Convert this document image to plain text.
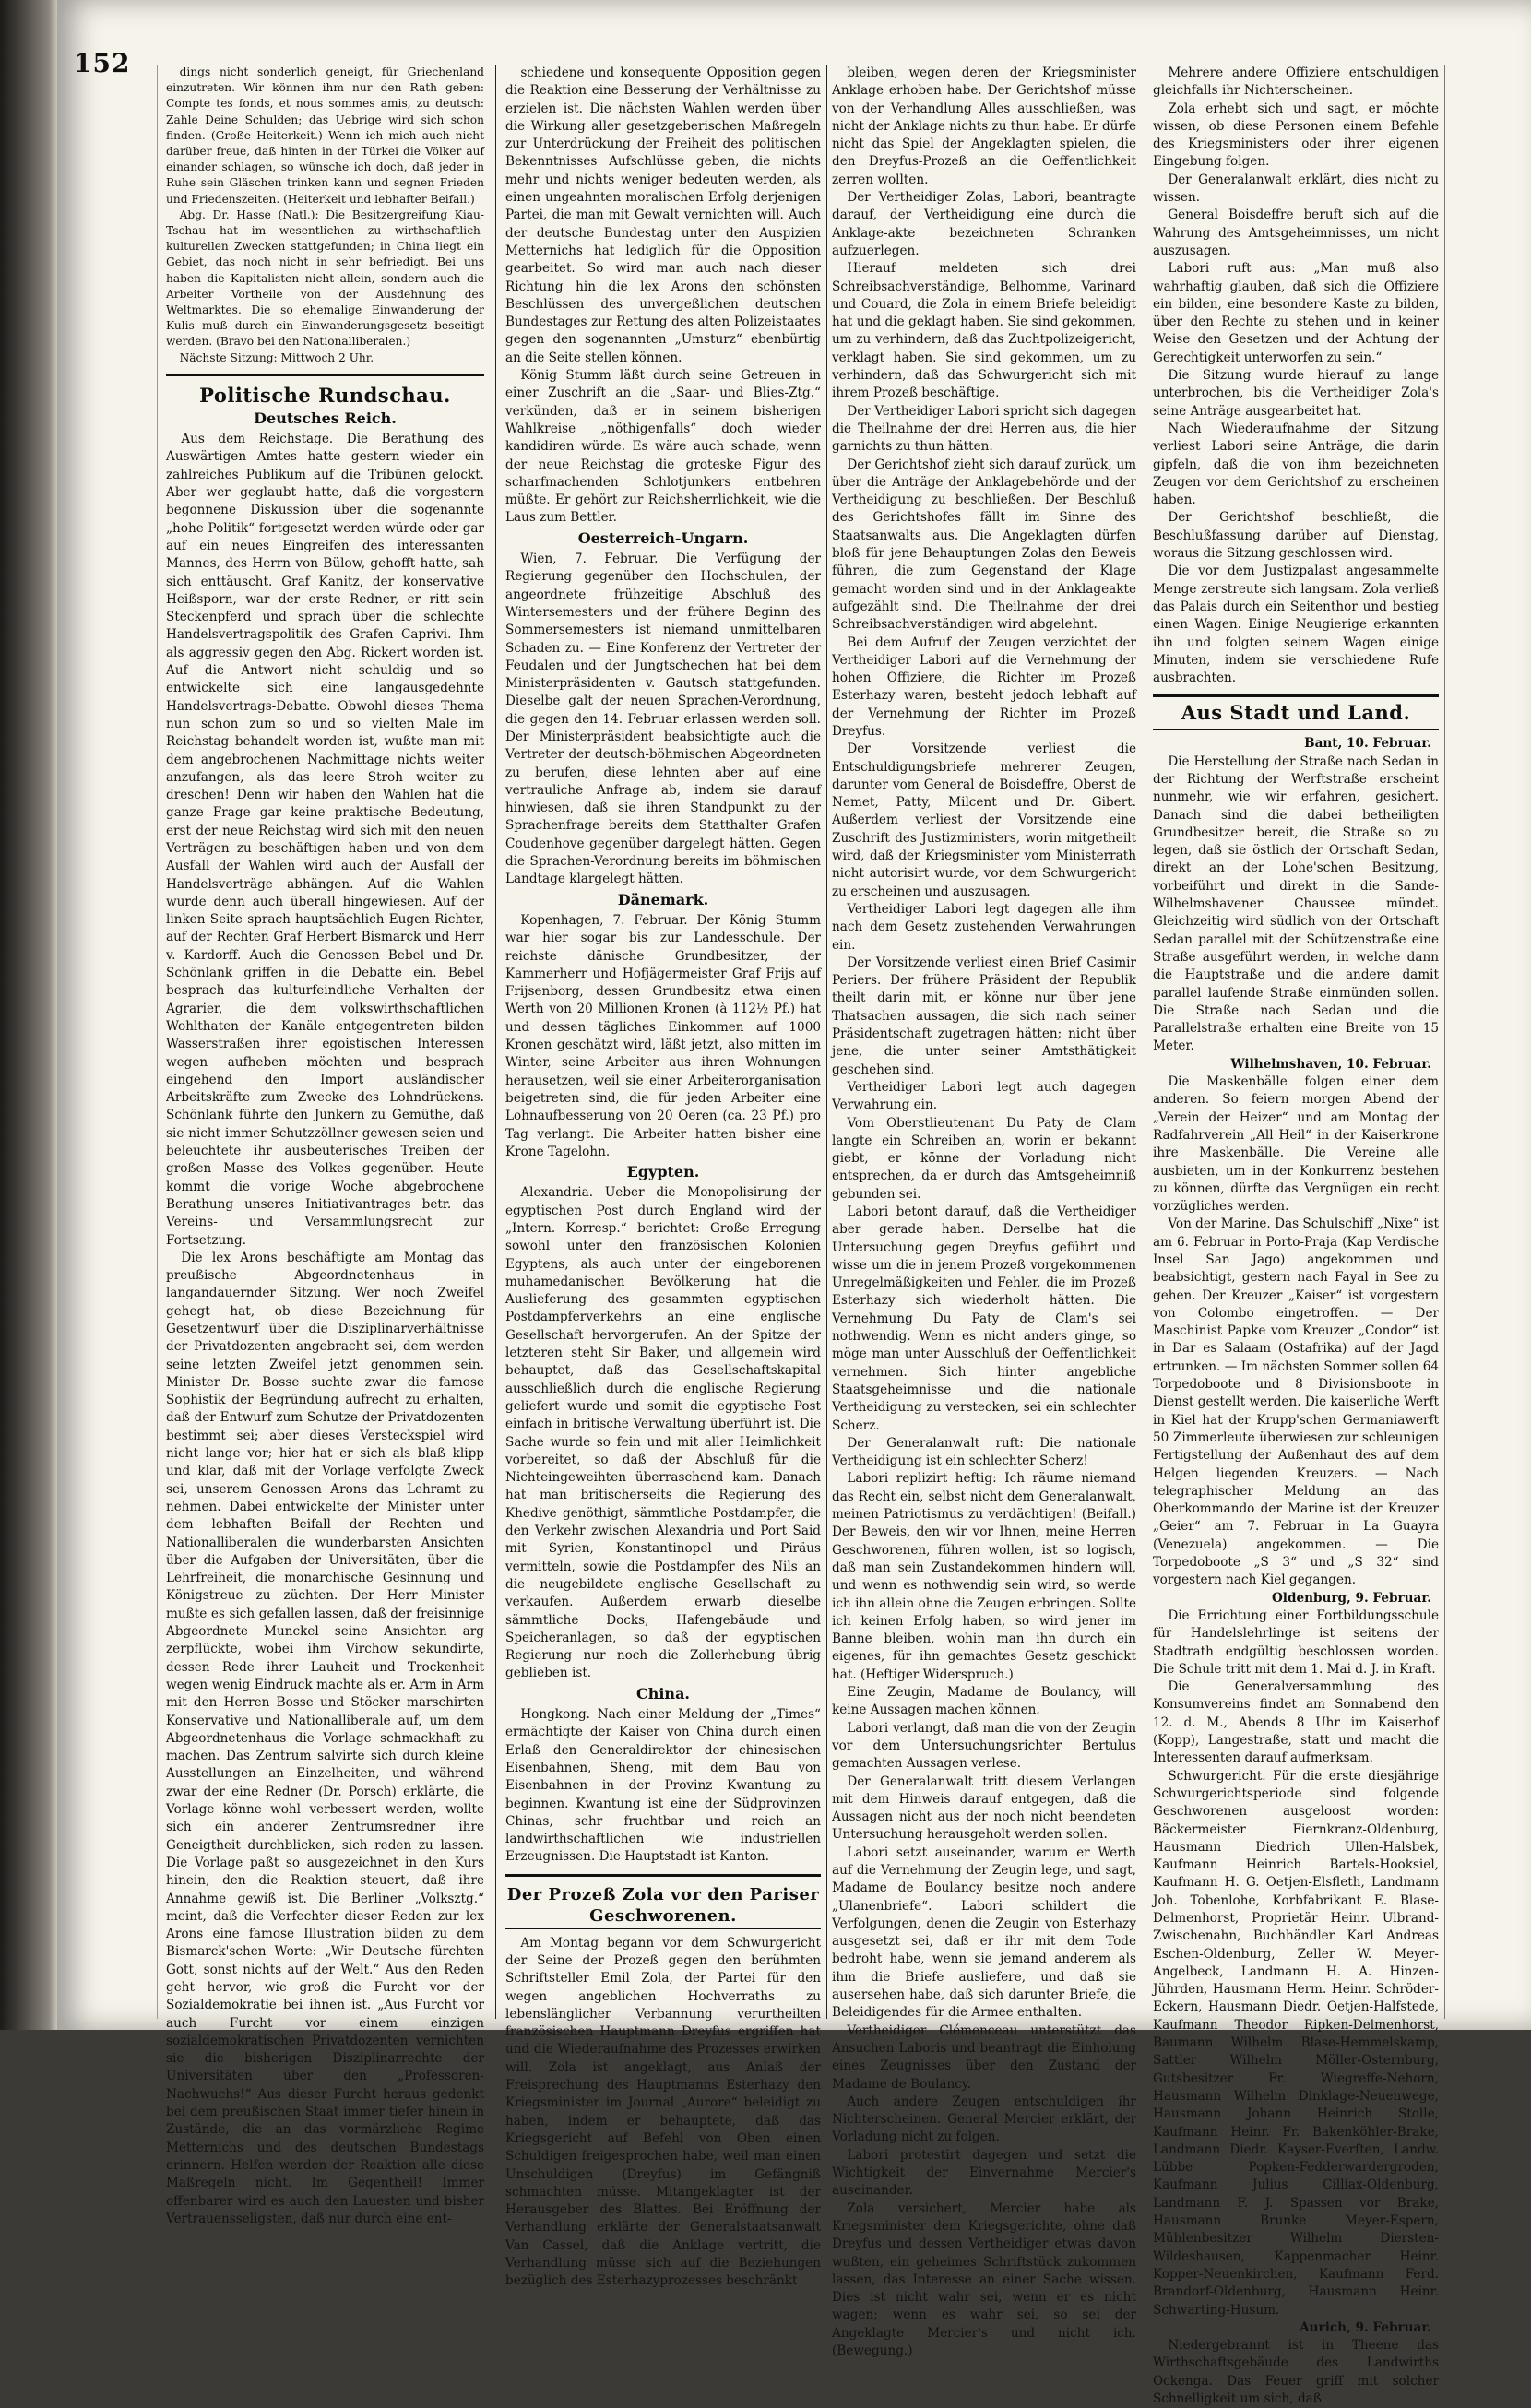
152	dings nicht sonderlich geneigt, für Griechenland einzutreten. Wir können ihm nur den Rath geben: Compte tes fonds, et nous sommes amis, zu deutsch: Zahle Deine Schulden; das Uebrige wird sich schon finden. (Große Heiterkeit.) Wenn ich mich auch nicht darüber freue, daß hinten in der Türkei die Völker auf einander schlagen, so wünsche ich doch, daß jeder in Ruhe sein Gläschen trinken kann und segnen Frieden und Friedenszeiten. (Heiterkeit und lebhafter Beifall.)

Abg. Dr. Hasse (Natl.): Die Besitzergreifung Kiau-Tschau hat im wesentlichen zu wirthschaftlich-kulturellen Zwecken stattgefunden; in China liegt ein Gebiet, das noch nicht in sehr befriedigt. Bei uns haben die Kapitalisten nicht allein, sondern auch die Arbeiter Vortheile von der Ausdehnung des Weltmarktes. Die so ehemalige Einwanderung der Kulis muß durch ein Einwanderungsgesetz beseitigt werden. (Bravo bei den Nationalliberalen.)

Nächste Sitzung: Mittwoch 2 Uhr.

Politische Rundschau.
Deutsches Reich.

Aus dem Reichstage. Die Berathung des Auswärtigen Amtes hatte gestern wieder ein zahlreiches Publikum auf die Tribünen gelockt. Aber wer geglaubt hatte, daß die vorgestern begonnene Diskussion über die sogenannte „hohe Politik“ fortgesetzt werden würde oder gar auf ein neues Eingreifen des interessanten Mannes, des Herrn von Bülow, gehofft hatte, sah sich enttäuscht. Graf Kanitz, der konservative Heißsporn, war der erste Redner, er ritt sein Steckenpferd und sprach über die schlechte Handelsvertragspolitik des Grafen Caprivi. Ihm als aggressiv gegen den Abg. Rickert worden ist. Auf die Antwort nicht schuldig und so entwickelte sich eine langausgedehnte Handelsvertrags-Debatte. Obwohl dieses Thema nun schon zum so und so vielten Male im Reichstag behandelt worden ist, wußte man mit dem angebrochenen Nachmittage nichts weiter anzufangen, als das leere Stroh weiter zu dreschen! Denn wir haben den Wahlen hat die ganze Frage gar keine praktische Bedeutung, erst der neue Reichstag wird sich mit den neuen Verträgen zu beschäftigen haben und von dem Ausfall der Wahlen wird auch der Ausfall der Handelsverträge abhängen. Auf die Wahlen wurde denn auch überall hingewiesen. Auf der linken Seite sprach hauptsächlich Eugen Richter, auf der Rechten Graf Herbert Bismarck und Herr v. Kardorff. Auch die Genossen Bebel und Dr. Schönlank griffen in die Debatte ein. Bebel besprach das kulturfeindliche Verhalten der Agrarier, die dem volkswirthschaftlichen Wohlthaten der Kanäle entgegentreten bilden Wasserstraßen ihrer egoistischen Interessen wegen aufheben möchten und besprach eingehend den Import ausländischer Arbeitskräfte zum Zwecke des Lohndrückens. Schönlank führte den Junkern zu Gemüthe, daß sie nicht immer Schutzzöllner gewesen seien und beleuchtete ihr ausbeuterisches Treiben der großen Masse des Volkes gegenüber. Heute kommt die vorige Woche abgebrochene Berathung unseres Initiativantrages betr. das Vereins- und Versammlungsrecht zur Fortsetzung.

Die lex Arons beschäftigte am Montag das preußische Abgeordnetenhaus in langandauernder Sitzung. Wer noch Zweifel gehegt hat, ob diese Bezeichnung für Gesetzentwurf über die Disziplinarverhältnisse der Privatdozenten angebracht sei, dem werden seine letzten Zweifel jetzt genommen sein. Minister Dr. Bosse suchte zwar die famose Sophistik der Begründung aufrecht zu erhalten, daß der Entwurf zum Schutze der Privatdozenten bestimmt sei; aber dieses Versteckspiel wird nicht lange vor; hier hat er sich als blaß klipp und klar, daß mit der Vorlage verfolgte Zweck sei, unserem Genossen Arons das Lehramt zu nehmen. Dabei entwickelte der Minister unter dem lebhaften Beifall der Rechten und Nationalliberalen die wunderbarsten Ansichten über die Aufgaben der Universitäten, über die Lehrfreiheit, die monarchische Gesinnung und Königstreue zu züchten. Der Herr Minister mußte es sich gefallen lassen, daß der freisinnige Abgeordnete Munckel seine Ansichten arg zerpflückte, wobei ihm Virchow sekundirte, dessen Rede ihrer Lauheit und Trockenheit wegen wenig Eindruck machte als er. Arm in Arm mit den Herren Bosse und Stöcker marschirten Konservative und Nationalliberale auf, um dem Abgeordnetenhaus die Vorlage schmackhaft zu machen. Das Zentrum salvirte sich durch kleine Ausstellungen an Einzelheiten, und während zwar der eine Redner (Dr. Porsch) erklärte, die Vorlage könne wohl verbessert werden, wollte sich ein anderer Zentrumsredner ihre Geneigtheit durchblicken, sich reden zu lassen. Die Vorlage paßt so ausgezeichnet in den Kurs hinein, den die Reaktion steuert, daß ihre Annahme gewiß ist. Die Berliner „Volksztg.“ meint, daß die Verfechter dieser Reden zur lex Arons eine famose Illustration bilden zu dem Bismarck'schen Worte: „Wir Deutsche fürchten Gott, sonst nichts auf der Welt.“ Aus den Reden geht hervor, wie groß die Furcht vor der Sozialdemokratie bei ihnen ist. „Aus Furcht vor auch Furcht vor einem einzigen sozialdemokratischen Privatdozenten vernichten sie die bisherigen Disziplinarrechte der Universitäten über den „Professoren-Nachwuchs!“ Aus dieser Furcht heraus gedenkt bei dem preußischen Staat immer tiefer hinein in Zustände, die an das vormärzliche Regime Metternichs und des deutschen Bundestags erinnern. Helfen werden der Reaktion alle diese Maßregeln nicht. Im Gegentheil! Immer offenbarer wird es auch den Lauesten und bisher Vertrauensseligsten, daß nur durch eine ent-

schiedene und konsequente Opposition gegen die Reaktion eine Besserung der Verhältnisse zu erzielen ist. Die nächsten Wahlen werden über die Wirkung aller gesetzgeberischen Maßregeln zur Unterdrückung der Freiheit des politischen Bekenntnisses Aufschlüsse geben, die nichts mehr und nichts weniger bedeuten werden, als einen ungeahnten moralischen Erfolg derjenigen Partei, die man mit Gewalt vernichten will. Auch der deutsche Bundestag unter den Auspizien Metternichs hat lediglich für die Opposition gearbeitet. So wird man auch nach dieser Richtung hin die lex Arons den schönsten Beschlüssen des unvergeßlichen deutschen Bundestages zur Rettung des alten Polizeistaates gegen den sogenannten „Umsturz“ ebenbürtig an die Seite stellen können.

König Stumm läßt durch seine Getreuen in einer Zuschrift an die „Saar- und Blies-Ztg.“ verkünden, daß er in seinem bisherigen Wahlkreise „nöthigenfalls“ doch wieder kandidiren würde. Es wäre auch schade, wenn der neue Reichstag die groteske Figur des scharfmachenden Schlotjunkers entbehren müßte. Er gehört zur Reichsherrlichkeit, wie die Laus zum Bettler.

Oesterreich-Ungarn.

Wien, 7. Februar. Die Verfügung der Regierung gegenüber den Hochschulen, der angeordnete frühzeitige Abschluß des Wintersemesters und der frühere Beginn des Sommersemesters ist niemand unmittelbaren Schaden zu. — Eine Konferenz der Vertreter der Feudalen und der Jungtschechen hat bei dem Ministerpräsidenten v. Gautsch stattgefunden. Dieselbe galt der neuen Sprachen-Verordnung, die gegen den 14. Februar erlassen werden soll. Der Ministerpräsident beabsichtigte auch die Vertreter der deutsch-böhmischen Abgeordneten zu berufen, diese lehnten aber auf eine vertrauliche Anfrage ab, indem sie darauf hinwiesen, daß sie ihren Standpunkt zu der Sprachenfrage bereits dem Statthalter Grafen Coudenhove gegenüber dargelegt hätten. Gegen die Sprachen-Verordnung bereits im böhmischen Landtage klargelegt hätten.

Dänemark.

Kopenhagen, 7. Februar. Der König Stumm war hier sogar bis zur Landesschule. Der reichste dänische Grundbesitzer, der Kammerherr und Hofjägermeister Graf Frijs auf Frijsenborg, dessen Grundbesitz etwa einen Werth von 20 Millionen Kronen (à 112½ Pf.) hat und dessen tägliches Einkommen auf 1000 Kronen geschätzt wird, läßt jetzt, also mitten im Winter, seine Arbeiter aus ihren Wohnungen herausetzen, weil sie einer Arbeiterorganisation beigetreten sind, die für jeden Arbeiter eine Lohnaufbesserung von 20 Oeren (ca. 23 Pf.) pro Tag verlangt. Die Arbeiter hatten bisher eine Krone Tagelohn.

Egypten.

Alexandria. Ueber die Monopolisirung der egyptischen Post durch England wird der „Intern. Korresp.“ berichtet: Große Erregung sowohl unter den französischen Kolonien Egyptens, als auch unter der eingeborenen muhamedanischen Bevölkerung hat die Auslieferung des gesammten egyptischen Postdampferverkehrs an eine englische Gesellschaft hervorgerufen. An der Spitze der letzteren steht Sir Baker, und allgemein wird behauptet, daß das Gesellschaftskapital ausschließlich durch die englische Regierung geliefert wurde und somit die egyptische Post einfach in britische Verwaltung überführt ist. Die Sache wurde so fein und mit aller Heimlichkeit vorbereitet, so daß der Abschluß für die Nichteingeweihten überraschend kam. Danach hat man britischerseits die Regierung des Khedive genöthigt, sämmtliche Postdampfer, die den Verkehr zwischen Alexandria und Port Said mit Syrien, Konstantinopel und Piräus vermitteln, sowie die Postdampfer des Nils an die neugebildete englische Gesellschaft zu verkaufen. Außerdem erwarb dieselbe sämmtliche Docks, Hafengebäude und Speicheranlagen, so daß der egyptischen Regierung nur noch die Zollerhebung übrig geblieben ist.

China.

Hongkong. Nach einer Meldung der „Times“ ermächtigte der Kaiser von China durch einen Erlaß den Generaldirektor der chinesischen Eisenbahnen, Sheng, mit dem Bau von Eisenbahnen in der Provinz Kwantung zu beginnen. Kwantung ist eine der Südprovinzen Chinas, sehr fruchtbar und reich an landwirthschaftlichen wie industriellen Erzeugnissen. Die Hauptstadt ist Kanton.

Der Prozeß Zola vor den Pariser Geschworenen.

Am Montag begann vor dem Schwurgericht der Seine der Prozeß gegen den berühmten Schriftsteller Emil Zola, der Partei für den wegen angeblichen Hochverraths zu lebenslänglicher Verbannung verurtheilten französischen Hauptmann Dreyfus ergriffen hat und die Wiederaufnahme des Prozesses erwirken will. Zola ist angeklagt, aus Anlaß der Freisprechung des Hauptmanns Esterhazy den Kriegsminister im Journal „Aurore“ beleidigt zu haben, indem er behauptete, daß das Kriegsgericht auf Befehl von Oben einen Schuldigen freigesprochen habe, weil man einen Unschuldigen (Dreyfus) im Gefängniß schmachten müsse. Mitangeklagter ist der Herausgeber des Blattes. Bei Eröffnung der Verhandlung erklärte der Generalstaatsanwalt Van Cassel, daß die Anklage vertritt, die Verhandlung müsse sich auf die Beziehungen bezüglich des Esterhazyprozesses beschränkt

bleiben, wegen deren der Kriegsminister Anklage erhoben habe. Der Gerichtshof müsse von der Verhandlung Alles ausschließen, was nicht der Anklage nichts zu thun habe. Er dürfe nicht das Spiel der Angeklagten spielen, die den Dreyfus-Prozeß an die Oeffentlichkeit zerren wollten.

Der Vertheidiger Zolas, Labori, beantragte darauf, der Vertheidigung eine durch die Anklage-akte bezeichneten Schranken aufzuerlegen.

Hierauf meldeten sich drei Schreibsachverständige, Belhomme, Varinard und Couard, die Zola in einem Briefe beleidigt hat und die geklagt haben. Sie sind gekommen, um zu verhindern, daß das Zuchtpolizeigericht, verklagt haben. Sie sind gekommen, um zu verhindern, daß das Schwurgericht sich mit ihrem Prozeß beschäftige.

Der Vertheidiger Labori spricht sich dagegen die Theilnahme der drei Herren aus, die hier garnichts zu thun hätten.

Der Gerichtshof zieht sich darauf zurück, um über die Anträge der Anklagebehörde und der Vertheidigung zu beschließen. Der Beschluß des Gerichtshofes fällt im Sinne des Staatsanwalts aus. Die Angeklagten dürfen bloß für jene Behauptungen Zolas den Beweis führen, die zum Gegenstand der Klage gemacht worden sind und in der Anklageakte aufgezählt sind. Die Theilnahme der drei Schreibsachverständigen wird abgelehnt.

Bei dem Aufruf der Zeugen verzichtet der Vertheidiger Labori auf die Vernehmung der hohen Offiziere, die Richter im Prozeß Esterhazy waren, besteht jedoch lebhaft auf der Vernehmung der Richter im Prozeß Dreyfus.

Der Vorsitzende verliest die Entschuldigungsbriefe mehrerer Zeugen, darunter vom General de Boisdeffre, Oberst de Nemet, Patty, Milcent und Dr. Gibert. Außerdem verliest der Vorsitzende eine Zuschrift des Justizministers, worin mitgetheilt wird, daß der Kriegsminister vom Ministerrath nicht autorisirt wurde, vor dem Schwurgericht zu erscheinen und auszusagen.

Vertheidiger Labori legt dagegen alle ihm nach dem Gesetz zustehenden Verwahrungen ein.

Der Vorsitzende verliest einen Brief Casimir Periers. Der frühere Präsident der Republik theilt darin mit, er könne nur über jene Thatsachen aussagen, die sich nach seiner Präsidentschaft zugetragen hätten; nicht über jene, die unter seiner Amtsthätigkeit geschehen sind.

Vertheidiger Labori legt auch dagegen Verwahrung ein.

Vom Oberstlieutenant Du Paty de Clam langte ein Schreiben an, worin er bekannt giebt, er könne der Vorladung nicht entsprechen, da er durch das Amtsgeheimniß gebunden sei.

Labori betont darauf, daß die Vertheidiger aber gerade haben. Derselbe hat die Untersuchung gegen Dreyfus geführt und wisse um die in jenem Prozeß vorgekommenen Unregelmäßigkeiten und Fehler, die im Prozeß Esterhazy sich wiederholt hätten. Die Vernehmung Du Paty de Clam's sei nothwendig. Wenn es nicht anders ginge, so möge man unter Ausschluß der Oeffentlichkeit vernehmen. Sich hinter angebliche Staatsgeheimnisse und die nationale Vertheidigung zu verstecken, sei ein schlechter Scherz.

Der Generalanwalt ruft: Die nationale Vertheidigung ist ein schlechter Scherz!

Labori replizirt heftig: Ich räume niemand das Recht ein, selbst nicht dem Generalanwalt, meinen Patriotismus zu verdächtigen! (Beifall.) Der Beweis, den wir vor Ihnen, meine Herren Geschworenen, führen wollen, ist so logisch, daß man sein Zustandekommen hindern will, und wenn es nothwendig sein wird, so werde ich ihn allein ohne die Zeugen erbringen. Sollte ich keinen Erfolg haben, so wird jener im Banne bleiben, wohin man ihn durch ein eigenes, für ihn gemachtes Gesetz geschickt hat. (Heftiger Widerspruch.)

Eine Zeugin, Madame de Boulancy, will keine Aussagen machen können.

Labori verlangt, daß man die von der Zeugin vor dem Untersuchungsrichter Bertulus gemachten Aussagen verlese.

Der Generalanwalt tritt diesem Verlangen mit dem Hinweis darauf entgegen, daß die Aussagen nicht aus der noch nicht beendeten Untersuchung herausgeholt werden sollen.

Labori setzt auseinander, warum er Werth auf die Vernehmung der Zeugin lege, und sagt, Madame de Boulancy besitze noch andere „Ulanenbriefe“. Labori schildert die Verfolgungen, denen die Zeugin von Esterhazy ausgesetzt sei, daß er ihr mit dem Tode bedroht habe, wenn sie jemand anderem als ihm die Briefe ausliefere, und daß sie ausersehen habe, daß sich darunter Briefe, die Beleidigendes für die Armee enthalten.

Vertheidiger Clémenceau unterstützt das Ansuchen Laboris und beantragt die Einholung eines Zeugnisses über den Zustand der Madame de Boulancy.

Auch andere Zeugen entschuldigen ihr Nichterscheinen. General Mercier erklärt, der Vorladung nicht zu folgen.

Labori protestirt dagegen und setzt die Wichtigkeit der Einvernahme Mercier's auseinander.

Zola versichert, Mercier habe als Kriegsminister dem Kriegsgerichte, ohne daß Dreyfus und dessen Vertheidiger etwas davon wußten, ein geheimes Schriftstück zukommen lassen, das Interesse an einer Sache wissen. Dies ist nicht wahr sei, wenn er es nicht wagen; wenn es wahr sei, so sei der Angeklagte Mercier's und nicht ich. (Bewegung.)

Mehrere andere Offiziere entschuldigen gleichfalls ihr Nichterscheinen.

Zola erhebt sich und sagt, er möchte wissen, ob diese Personen einem Befehle des Kriegsministers oder ihrer eigenen Eingebung folgen.

Der Generalanwalt erklärt, dies nicht zu wissen.

General Boisdeffre beruft sich auf die Wahrung des Amtsgeheimnisses, um nicht auszusagen.

Labori ruft aus: „Man muß also wahrhaftig glauben, daß sich die Offiziere ein bilden, eine besondere Kaste zu bilden, über den Rechte zu stehen und in keiner Weise den Gesetzen und der Achtung der Gerechtigkeit unterworfen zu sein.“

Die Sitzung wurde hierauf zu lange unterbrochen, bis die Vertheidiger Zola's seine Anträge ausgearbeitet hat.

Nach Wiederaufnahme der Sitzung verliest Labori seine Anträge, die darin gipfeln, daß die von ihm bezeichneten Zeugen vor dem Gerichtshof zu erscheinen haben.

Der Gerichtshof beschließt, die Beschlußfassung darüber auf Dienstag, woraus die Sitzung geschlossen wird.

Die vor dem Justizpalast angesammelte Menge zerstreute sich langsam. Zola verließ das Palais durch ein Seitenthor und bestieg einen Wagen. Einige Neugierige erkannten ihn und folgten seinem Wagen einige Minuten, indem sie verschiedene Rufe ausbrachten.

Aus Stadt und Land.
Bant, 10. Februar.

Die Herstellung der Straße nach Sedan in der Richtung der Werftstraße erscheint nunmehr, wie wir erfahren, gesichert. Danach sind die dabei betheiligten Grundbesitzer bereit, die Straße so zu legen, daß sie östlich der Ortschaft Sedan, direkt an der Lohe'schen Besitzung, vorbeiführt und direkt in die Sande-Wilhelmshavener Chaussee mündet. Gleichzeitig wird südlich von der Ortschaft Sedan parallel mit der Schützenstraße eine Straße ausgeführt werden, in welche dann die Hauptstraße und die andere damit parallel laufende Straße einmünden sollen. Die Straße nach Sedan und die Parallelstraße erhalten eine Breite von 15 Meter.

Wilhelmshaven, 10. Februar.

Die Maskenbälle folgen einer dem anderen. So feiern morgen Abend der „Verein der Heizer“ und am Montag der Radfahrverein „All Heil“ in der Kaiserkrone ihre Maskenbälle. Die Vereine alle ausbieten, um in der Konkurrenz bestehen zu können, dürfte das Vergnügen ein recht vorzügliches werden.

Von der Marine. Das Schulschiff „Nixe“ ist am 6. Februar in Porto-Praja (Kap Verdische Insel San Jago) angekommen und beabsichtigt, gestern nach Fayal in See zu gehen. Der Kreuzer „Kaiser“ ist vorgestern von Colombo eingetroffen. — Der Maschinist Papke vom Kreuzer „Condor“ ist in Dar es Salaam (Ostafrika) auf der Jagd ertrunken. — Im nächsten Sommer sollen 64 Torpedoboote und 8 Divisionsboote in Dienst gestellt werden. Die kaiserliche Werft in Kiel hat der Krupp'schen Germaniawerft 50 Zimmerleute überwiesen zur schleunigen Fertigstellung der Außenhaut des auf dem Helgen liegenden Kreuzers. — Nach telegraphischer Meldung an das Oberkommando der Marine ist der Kreuzer „Geier“ am 7. Februar in La Guayra (Venezuela) angekommen. — Die Torpedoboote „S 3“ und „S 32“ sind vorgestern nach Kiel gegangen.

Oldenburg, 9. Februar.

Die Errichtung einer Fortbildungsschule für Handelslehrlinge ist seitens der Stadtrath endgültig beschlossen worden. Die Schule tritt mit dem 1. Mai d. J. in Kraft.

Die Generalversammlung des Konsumvereins findet am Sonnabend den 12. d. M., Abends 8 Uhr im Kaiserhof (Kopp), Langestraße, statt und macht die Interessenten darauf aufmerksam.

Schwurgericht. Für die erste diesjährige Schwurgerichtsperiode sind folgende Geschworenen ausgeloost worden: Bäckermeister Fiernkranz-Oldenburg, Hausmann Diedrich Ullen-Halsbek, Kaufmann Heinrich Bartels-Hooksiel, Kaufmann H. G. Oetjen-Elsfleth, Landmann Joh. Tobenlohe, Korbfabrikant E. Blase-Delmenhorst, Proprietär Heinr. Ulbrand-Zwischenahn, Buchhändler Karl Andreas Eschen-Oldenburg, Zeller W. Meyer-Angelbeck, Landmann H. A. Hinzen-Jührden, Hausmann Herm. Heinr. Schröder-Eckern, Hausmann Diedr. Oetjen-Halfstede, Kaufmann Theodor Ripken-Delmenhorst, Baumann Wilhelm Blase-Hemmelskamp, Sattler Wilhelm Möller-Osternburg, Gutsbesitzer Fr. Wiegreffe-Nehorn, Hausmann Wilhelm Dinklage-Neuenwege, Hausmann Johann Heinrich Stolle, Kaufmann Heinr. Fr. Bakenköhler-Brake, Landmann Diedr. Kayser-Everſten, Landw. Lübbe Popken-Fedderwardergroden, Kaufmann Julius Cilliax-Oldenburg, Landmann F. J. Spassen vor Brake, Hausmann Brunke Meyer-Espern, Mühlenbesitzer Wilhelm Diersten-Wildeshausen, Kappenmacher Heinr. Kopper-Neuenkirchen, Kaufmann Ferd. Brandorf-Oldenburg, Hausmann Heinr. Schwarting-Husum.

Aurich, 9. Februar.

Niedergebrannt ist in Theene das Wirthschaftsgebäude des Landwirths Ockenga. Das Feuer griff mit solcher Schnelligkeit um sich, daß
